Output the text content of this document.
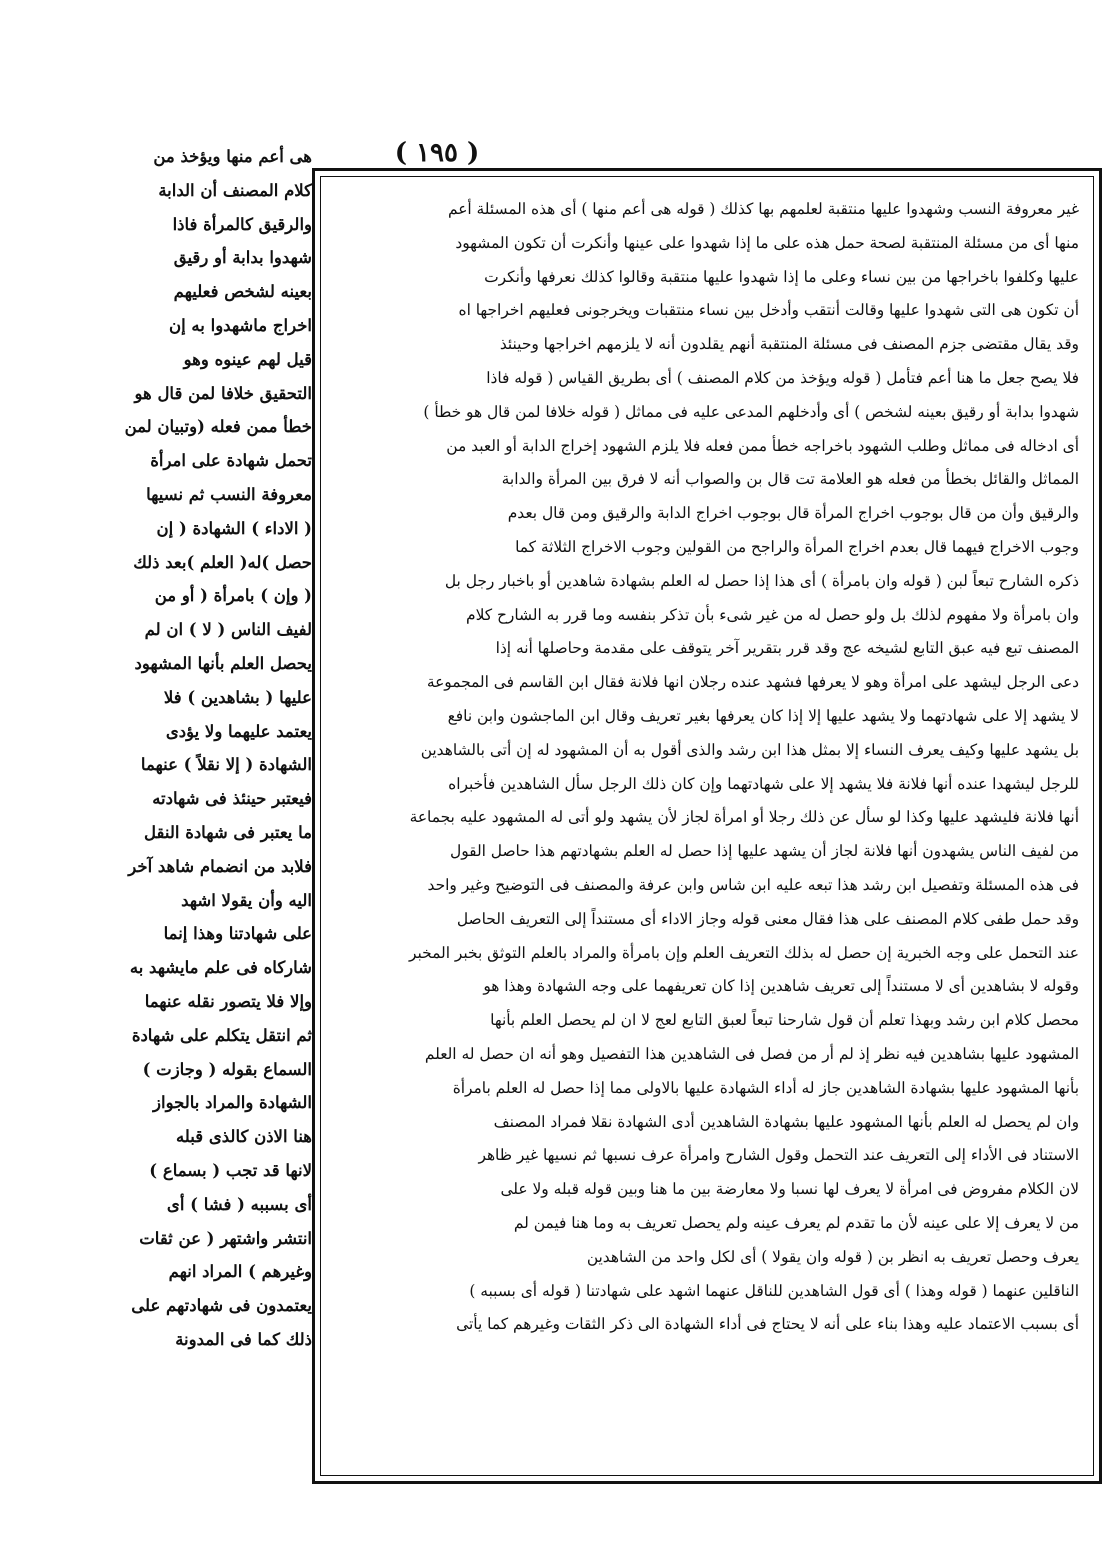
( ١٩٥ )
هى أعم منها ويؤخذ من
كلام المصنف أن الدابة
والرقيق كالمرأة فاذا
شهدوا بدابة أو رقيق
بعينه لشخص فعليهم
اخراج ماشهدوا به إن
قيل لهم عينوه وهو
التحقيق خلافا لمن قال هو
خطأ ممن فعله (وتبيان لمن
تحمل شهادة على امرأة
معروفة النسب ثم نسيها
( الاداء ) الشهادة ( إن
حصل )له( العلم )بعد ذلك
( وإن ) بامرأة ( أو من
لفيف الناس ( لا ) ان لم
يحصل العلم بأنها المشهود
عليها ( بشاهدين ) فلا
يعتمد عليهما ولا يؤدى
الشهادة ( إلا نقلاً ) عنهما
فيعتبر حينئذ فى شهادته
ما يعتبر فى شهادة النقل
فلابد من انضمام شاهد آخر
اليه وأن يقولا اشهد
على شهادتنا وهذا إنما
شاركاه فى علم مايشهد به
وإلا فلا يتصور نقله عنهما
ثم انتقل يتكلم على شهادة
السماع بقوله ( وجازت )
الشهادة والمراد بالجواز
هنا الاذن كالذى قبله
لانها قد تجب ( بسماع )
أى بسببه ( فشا ) أى
انتشر واشتهر ( عن ثقات
وغيرهم ) المراد انهم
يعتمدون فى شهادتهم على
ذلك كما فى المدونة
غير معروفة النسب وشهدوا عليها منتقبة لعلمهم بها كذلك ( قوله هى أعم منها ) أى هذه المسئلة أعم
منها أى من مسئلة المنتقبة لصحة حمل هذه على ما إذا شهدوا على عينها وأنكرت أن تكون المشهود
عليها وكلفوا باخراجها من بين نساء وعلى ما إذا شهدوا عليها منتقبة وقالوا كذلك نعرفها وأنكرت
أن تكون هى التى شهدوا عليها وقالت أنتقب وأدخل بين نساء منتقبات ويخرجونى فعليهم اخراجها اه
وقد يقال مقتضى جزم المصنف فى مسئلة المنتقبة أنهم يقلدون أنه لا يلزمهم اخراجها وحينئذ
فلا يصح جعل ما هنا أعم فتأمل ( قوله ويؤخذ من كلام المصنف ) أى بطريق القياس ( قوله فاذا
شهدوا بدابة أو رقيق بعينه لشخص ) أى وأدخلهم المدعى عليه فى مماثل ( قوله خلافا لمن قال هو خطأ )
أى ادخاله فى مماثل وطلب الشهود باخراجه خطأ ممن فعله فلا يلزم الشهود إخراج الدابة أو العبد من
المماثل والقائل بخطأ من فعله هو العلامة تت قال بن والصواب أنه لا فرق بين المرأة والدابة
والرقيق وأن من قال بوجوب اخراج المرأة قال بوجوب اخراج الدابة والرقيق ومن قال بعدم
وجوب الاخراج فيهما قال بعدم اخراج المرأة والراجح من القولين وجوب الاخراج الثلاثة كما
ذكره الشارح تبعاً لبن ( قوله وان بامرأة ) أى هذا إذا حصل له العلم بشهادة شاهدين أو باخبار رجل بل
وان بامرأة ولا مفهوم لذلك بل ولو حصل له من غير شىء بأن تذكر بنفسه وما قرر به الشارح كلام
المصنف تبع فيه عبق التابع لشيخه عج وقد قرر بتقرير آخر يتوقف على مقدمة وحاصلها أنه إذا
دعى الرجل ليشهد على امرأة وهو لا يعرفها فشهد عنده رجلان انها فلانة فقال ابن القاسم فى المجموعة
لا يشهد إلا على شهادتهما ولا يشهد عليها إلا إذا كان يعرفها بغير تعريف وقال ابن الماجشون وابن نافع
بل يشهد عليها وكيف يعرف النساء إلا بمثل هذا ابن رشد والذى أقول به أن المشهود له إن أتى بالشاهدين
للرجل ليشهدا عنده أنها فلانة فلا يشهد إلا على شهادتهما وإن كان ذلك الرجل سأل الشاهدين فأخبراه
أنها فلانة فليشهد عليها وكذا لو سأل عن ذلك رجلا أو امرأة لجاز لأن يشهد ولو أتى له المشهود عليه بجماعة
من لفيف الناس يشهدون أنها فلانة لجاز أن يشهد عليها إذا حصل له العلم بشهادتهم هذا حاصل القول
فى هذه المسئلة وتفصيل ابن رشد هذا تبعه عليه ابن شاس وابن عرفة والمصنف فى التوضيح وغير واحد
وقد حمل طفى كلام المصنف على هذا فقال معنى قوله وجاز الاداء أى مستنداً إلى التعريف الحاصل
عند التحمل على وجه الخبرية إن حصل له بذلك التعريف العلم وإن بامرأة والمراد بالعلم التوثق بخبر المخبر
وقوله لا بشاهدين أى لا مستنداً إلى تعريف شاهدين إذا كان تعريفهما على وجه الشهادة وهذا هو
محصل كلام ابن رشد وبهذا تعلم أن قول شارحنا تبعاً لعبق التابع لعج لا ان لم يحصل العلم بأنها
المشهود عليها بشاهدين فيه نظر إذ لم أر من فصل فى الشاهدين هذا التفصيل وهو أنه ان حصل له العلم
بأنها المشهود عليها بشهادة الشاهدين جاز له أداء الشهادة عليها بالاولى مما إذا حصل له العلم بامرأة
وان لم يحصل له العلم بأنها المشهود عليها بشهادة الشاهدين أدى الشهادة نقلا فمراد المصنف
الاستناد فى الأداء إلى التعريف عند التحمل وقول الشارح وامرأة عرف نسبها ثم نسيها غير ظاهر
لان الكلام مفروض فى امرأة لا يعرف لها نسبا ولا معارضة بين ما هنا وبين قوله قبله ولا على
من لا يعرف إلا على عينه لأن ما تقدم لم يعرف عينه ولم يحصل تعريف به وما هنا فيمن لم
يعرف وحصل تعريف به انظر بن ( قوله وان يقولا ) أى لكل واحد من الشاهدين
الناقلين عنهما ( قوله وهذا ) أى قول الشاهدين للناقل عنهما اشهد على شهادتنا ( قوله أى بسببه )
أى بسبب الاعتماد عليه وهذا بناء على أنه لا يحتاج فى أداء الشهادة الى ذكر الثقات وغيرهم كما يأتى
